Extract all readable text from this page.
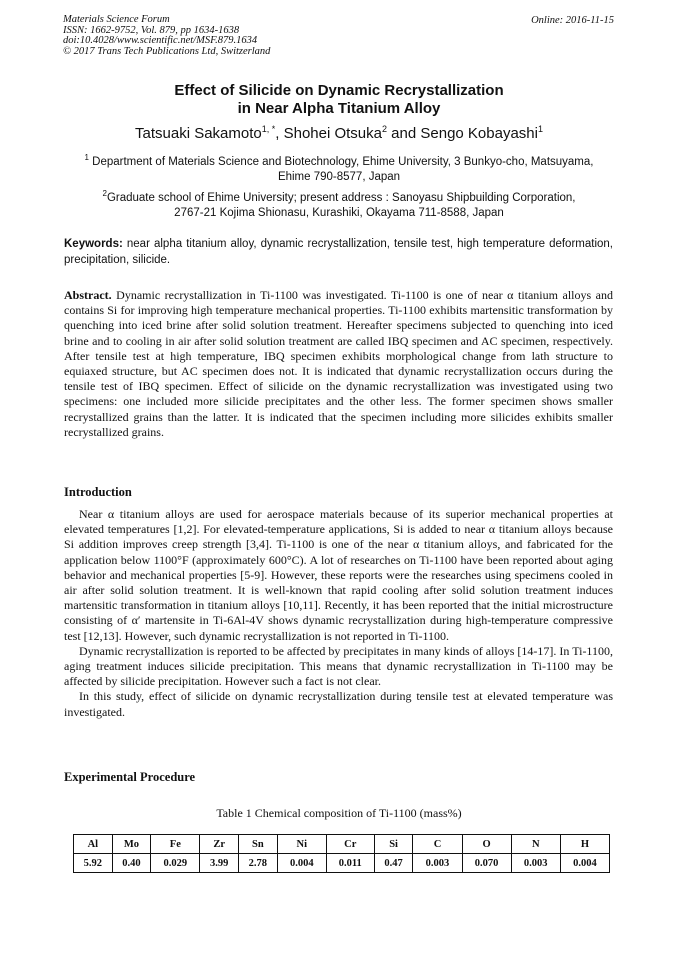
Materials Science Forum
ISSN: 1662-9752, Vol. 879, pp 1634-1638
doi:10.4028/www.scientific.net/MSF.879.1634
© 2017 Trans Tech Publications Ltd, Switzerland
Online: 2016-11-15
Effect of Silicide on Dynamic Recrystallization
in Near Alpha Titanium Alloy
Tatsuaki Sakamoto$^{1, *}$, Shohei Otsuka$^2$ and Sengo Kobayashi$^1$
$^1$ Department of Materials Science and Biotechnology, Ehime University, 3 Bunkyo-cho, Matsuyama,
Ehime 790-8577, Japan
$^2$Graduate school of Ehime University; present address : Sanoyasu Shipbuilding Corporation,
2767-21 Kojima Shionasu, Kurashiki, Okayama 711-8588, Japan
Keywords: near alpha titanium alloy, dynamic recrystallization, tensile test, high temperature deformation, precipitation, silicide.
Abstract. Dynamic recrystallization in Ti-1100 was investigated. Ti-1100 is one of near α titanium alloys and contains Si for improving high temperature mechanical properties. Ti-1100 exhibits martensitic transformation by quenching into iced brine after solid solution treatment. Hereafter specimens subjected to quenching into iced brine and to cooling in air after solid solution treatment are called IBQ specimen and AC specimen, respectively. After tensile test at high temperature, IBQ specimen exhibits morphological change from lath structure to equiaxed structure, but AC specimen does not. It is indicated that dynamic recrystallization occurs during the tensile test of IBQ specimen. Effect of silicide on the dynamic recrystallization was investigated using two specimens: one included more silicide precipitates and the other less. The former specimen shows smaller recrystallized grains than the latter. It is indicated that the specimen including more silicides exhibits smaller recrystallized grains.
Introduction

Near α titanium alloys are used for aerospace materials because of its superior mechanical properties at elevated temperatures [1,2]. For elevated-temperature applications, Si is added to near α titanium alloys because Si addition improves creep strength [3,4]. Ti-1100 is one of the near α titanium alloys, and fabricated for the application below 1100°F (approximately 600°C). A lot of researches on Ti-1100 have been reported about aging behavior and mechanical properties [5-9]. However, these reports were the researches using specimens cooled in air after solid solution treatment. It is well-known that rapid cooling after solid solution treatment induces martensitic transformation in titanium alloys [10,11]. Recently, it has been reported that the initial microstructure consisting of α′ martensite in Ti-6Al-4V shows dynamic recrystallization during high-temperature compressive test [12,13]. However, such dynamic recrystallization is not reported in Ti-1100.

Dynamic recrystallization is reported to be affected by precipitates in many kinds of alloys [14-17]. In Ti-1100, aging treatment induces silicide precipitation. This means that dynamic recrystallization in Ti-1100 may be affected by silicide precipitation. However such a fact is not clear.

In this study, effect of silicide on dynamic recrystallization during tensile test at elevated temperature was investigated.

Experimental Procedure
Table 1 Chemical composition of Ti-1100 (mass%)
Al	Mo	Fe	Zr	Sn	Ni	Cr	Si	C	O	N	H
5.92	0.40	0.029	3.99	2.78	0.004	0.011	0.47	0.003	0.070	0.003	0.004
